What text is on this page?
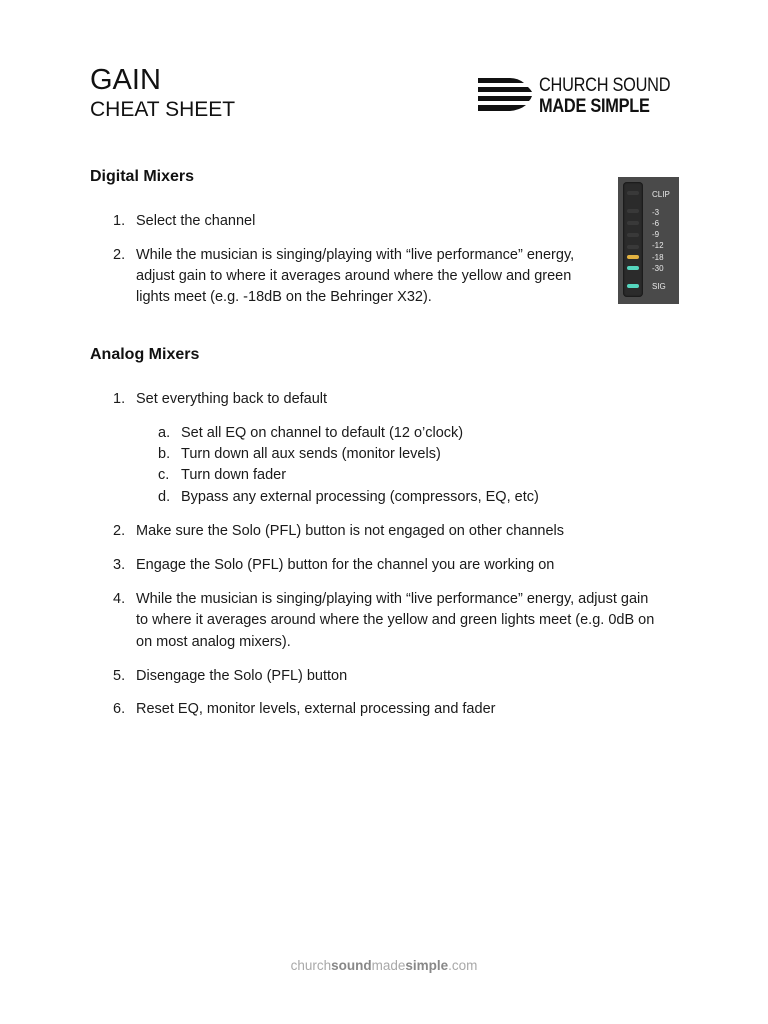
GAIN
CHEAT SHEET
CHURCH SOUND
MADE SIMPLE
Digital Mixers
1. Select the channel
2. While the musician is singing/playing with “live performance” energy,
adjust gain to where it averages around where the yellow and green
lights meet (e.g. -18dB on the Behringer X32).
CLIP
-3
-6
-9
-12
-18
-30
SIG
Analog Mixers
1. Set everything back to default
a. Set all EQ on channel to default (12 o’clock)
b. Turn down all aux sends (monitor levels)
c. Turn down fader
d. Bypass any external processing (compressors, EQ, etc)
2. Make sure the Solo (PFL) button is not engaged on other channels
3. Engage the Solo (PFL) button for the channel you are working on
4. While the musician is singing/playing with “live performance” energy, adjust gain
to where it averages around where the yellow and green lights meet (e.g. 0dB on
on most analog mixers).
5. Disengage the Solo (PFL) button
6. Reset EQ, monitor levels, external processing and fader
churchsoundmadesimple.com
